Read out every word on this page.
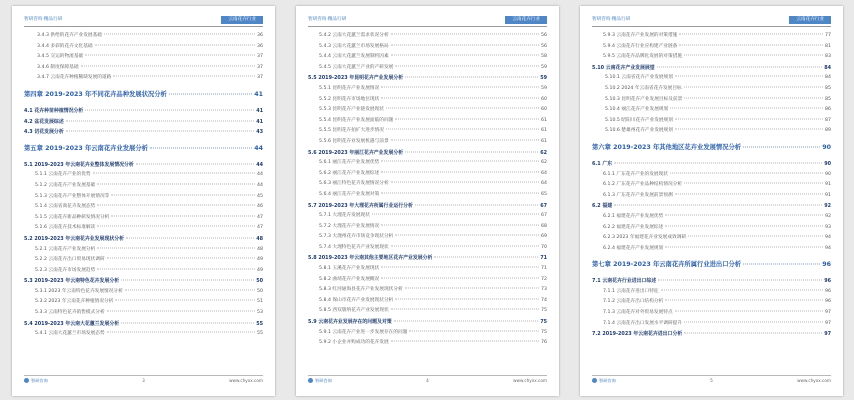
智研咨询·精品行研	云南花卉行业
3.4.3 供给的花卉产业发展基础	36
3.4.4 多彩的花卉文化基础	36
3.4.5 交运的物流基础	37
3.4.6 制度保障基础	37
3.4.7 云南花卉种植稀缺发展的道路	37
第四章 2019-2023 年不同花卉品种发展状况分析	41
4.1 花卉种苗种植情况分析	41
4.2 盆花发展综述	41
4.3 切花发展分析	43
第五章 2019-2023 年云南花卉业发展分析	44
5.1 2019-2023 年云南花卉业整体发展情况分析	44
5.1.1 云南花卉产业的优势	44
5.1.2 云南花卉产业发展基础	44
5.1.3 云南花卉产业整体开展情况等	45
5.1.4 云南省商花卉发展态势	46
5.1.5 云南花卉新品种研发情况分析	47
5.1.6 云南花卉技术标准解读	47
5.2 2019-2023 年云南花卉业发展现状分析	48
5.2.1 云南花卉产业发展分析	48
5.2.2 云南花卉出口贸易现状调研	49
5.2.3 云南花卉市场发展趋势	49
5.3 2019-2023 年云南特色花卉发展分析	50
5.3.1 2023 年云南特色花卉发展情况分析	50
5.3.2 2023 年云南花卉种植情况分析	51
5.3.3 云南特色花卉销售模式分析	53
5.4 2019-2023 年云南大花蕙兰发展分析	55
5.4.1 云南大花蕙兰市场发展态势	55
智研咨询	3	www.chyxx.com
智研咨询·精品行研	云南花卉行业
5.4.2 云南大花蕙兰需求状况分析	56
5.4.3 云南大花蕙兰市场发展格局	56
5.4.4 云南大花蕙兰发展制约因素	58
5.4.5 云南大花蕙兰产业的产研发展	59
5.5 2019-2023 年昆明花卉产业发展分析	59
5.5.1 昆明花卉产业发展情况	59
5.5.2 昆明花卉市场地位现状	60
5.5.3 昆明花卉产业链发展现状	60
5.5.4 昆明花卉产业发展面临的问题	61
5.5.5 昆明花卉拍扩大进步情况	61
5.5.6 昆明花卉业发展机遇与前景	61
5.6 2019-2023 年丽江花卉产业发展分析	62
5.6.1 丽江花卉产业发展优势	62
5.6.2 丽江花卉产业发展综述	64
5.6.3 丽江特色花卉发展情况分析	64
5.6.4 丽江花卉产业发展对策	65
5.7 2019-2023 年大理花卉所属行业运行分析	67
5.7.1 大理花卉发展现状	67
5.7.2 大理花卉产业发展情况	68
5.7.3 大理州花卉市场竞争现状分析	69
5.7.4 大理特色花卉产业发展现状	70
5.8 2019-2023 年云南其他主要地区花卉产业发展分析	71
5.8.1 玉溪花卉产业发展现状	71
5.8.2 曲靖花卉产业发展概况	72
5.8.3 红河通海县花卉产业发展现状分析	73
5.8.4 保山市花卉产业发展现状分析	74
5.8.5 西双版纳花卉产业发展现状	75
5.9 云南花卉业发展存在的问题及对策	75
5.9.1 云南花卉产业进一步发展存在的问题	75
5.9.2 小企业并购成功的花卉发展	76
智研咨询	4	www.chyxx.com
智研咨询·精品行研	云南花卉行业
5.9.3 云南花卉产业发展的对策措施	77
5.9.4 云南花卉行业应构建产业链条	81
5.9.5 云南花卉品牌化发展的对策措施	83
5.10 云南花卉产业发展展望	84
5.10.1 云南省花卉产业发展规划	84
5.10.2 2024 年云南省花卉发展目标	85
5.10.3 昆明花卉产业发展目标及前景	85
5.10.4 丽江花卉产业发展规划	86
5.10.5 昭阳川花卉产业发展规划	87
5.10.6 楚雄州花卉产业发展规划	89
第六章 2019-2023 年其他地区花卉业发展情况分析	90
6.1 广东	90
6.1.1 广东花卉产业的发展现状	90
6.1.2 广东花卉产业品种结构情况分析	91
6.1.3 广东花卉产业发展前景预测	91
6.2 福建	92
6.2.1 福建花卉产业发展优势	92
6.2.2 福建花卉产业发展综述	93
6.2.3 2023 年福建花卉业发展成效调研	94
6.2.4 福建花卉产业发展规划	94
第七章 2019-2023 年云南花卉所属行业进出口分析	96
7.1 云南花卉行业进出口综述	96
7.1.1 云南花卉进出口特征	96
7.1.2 云南花卉出口结构分析	96
7.1.3 云南花卉对外贸易发展特点	97
7.1.4 云南花卉出口发展水平调研提升	97
7.2 2019-2023 年云南花卉进出口分析	97
智研咨询	5	www.chyxx.com
